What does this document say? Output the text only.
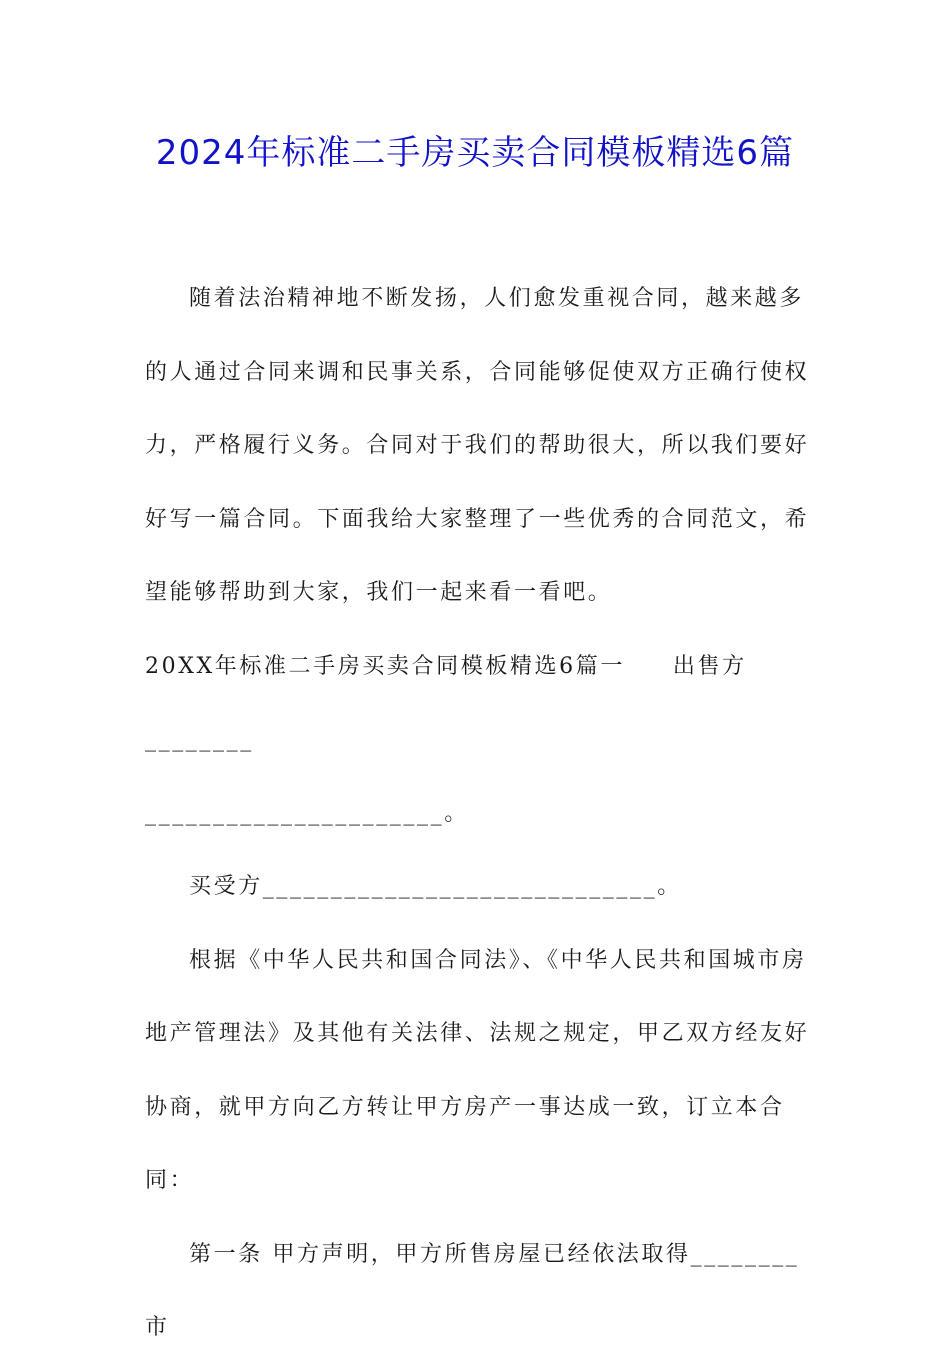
2024年标准二手房买卖合同模板精选6篇

随着法治精神地不断发扬，人们愈发重视合同，越来越多的人通过合同来调和民事关系，合同能够促使双方正确行使权力，严格履行义务。合同对于我们的帮助很大，所以我们要好好写一篇合同。下面我给大家整理了一些优秀的合同范文，希望能够帮助到大家，我们一起来看一看吧。

20XX年标准二手房买卖合同模板精选6篇一 出售方________

______________________。

买受方_____________________________。

根据《中华人民共和国合同法》、《中华人民共和国城市房地产管理法》及其他有关法律、法规之规定，甲乙双方经友好协商，就甲方向乙方转让甲方房产一事达成一致，订立本合同：

第一条 甲方声明，甲方所售房屋已经依法取得________市
